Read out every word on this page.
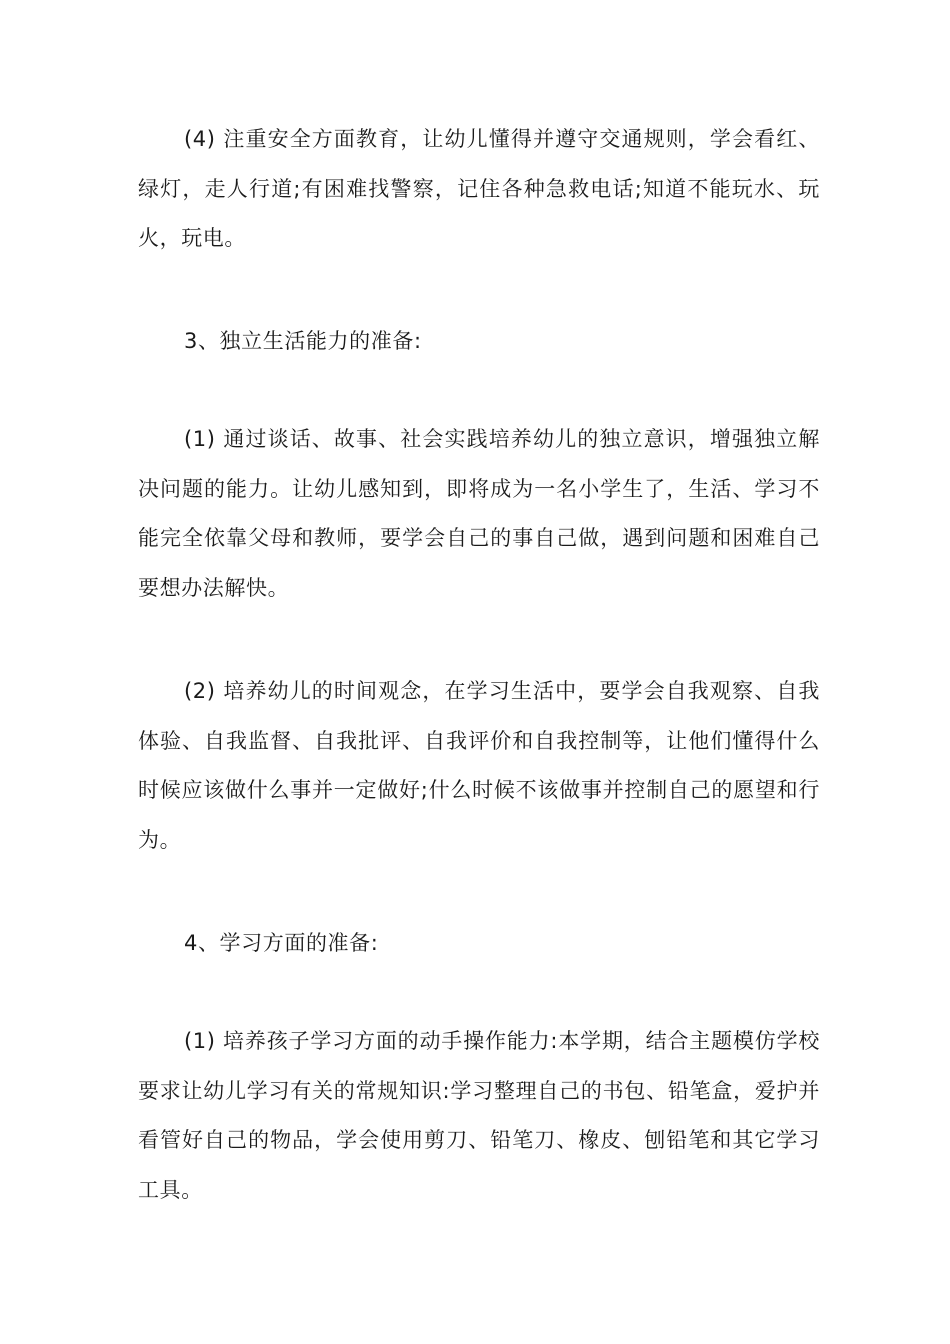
(4) 注重安全方面教育，让幼儿懂得并遵守交通规则，学会看红、绿灯，走人行道;有困难找警察，记住各种急救电话;知道不能玩水、玩火，玩电。

3、独立生活能力的准备:

(1) 通过谈话、故事、社会实践培养幼儿的独立意识，增强独立解决问题的能力。让幼儿感知到，即将成为一名小学生了，生活、学习不能完全依靠父母和教师，要学会自己的事自己做，遇到问题和困难自己要想办法解快。

(2) 培养幼儿的时间观念，在学习生活中，要学会自我观察、自我体验、自我监督、自我批评、自我评价和自我控制等，让他们懂得什么时候应该做什么事并一定做好;什么时候不该做事并控制自己的愿望和行为。

4、学习方面的准备:

(1) 培养孩子学习方面的动手操作能力:本学期，结合主题模仿学校要求让幼儿学习有关的常规知识:学习整理自己的书包、铅笔盒，爱护并看管好自己的物品，学会使用剪刀、铅笔刀、橡皮、刨铅笔和其它学习工具。
